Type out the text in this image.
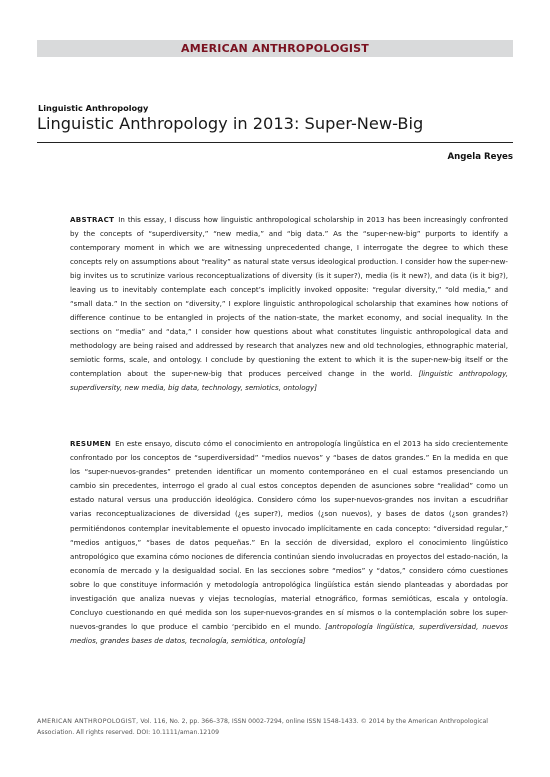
AMERICAN ANTHROPOLOGIST
Linguistic Anthropology
Linguistic Anthropology in 2013: Super-New-Big
Angela Reyes

ABSTRACT In this essay, I discuss how linguistic anthropological scholarship in 2013 has been increasingly confronted by the concepts of “superdiversity,” “new media,” and “big data.” As the “super-new-big” purports to identify a contemporary moment in which we are witnessing unprecedented change, I interrogate the degree to which these concepts rely on assumptions about “reality” as natural state versus ideological production. I consider how the super-new-big invites us to scrutinize various reconceptualizations of diversity (is it super?), media (is it new?), and data (is it big?), leaving us to inevitably contemplate each concept’s implicitly invoked opposite: “regular diversity,” “old media,” and “small data.” In the section on “diversity,” I explore linguistic anthropological scholarship that examines how notions of difference continue to be entangled in projects of the nation-state, the market economy, and social inequality. In the sections on “media” and “data,” I consider how questions about what constitutes linguistic anthropological data and methodology are being raised and addressed by research that analyzes new and old technologies, ethnographic material, semiotic forms, scale, and ontology. I conclude by questioning the extent to which it is the super-new-big itself or the contemplation about the super-new-big that produces perceived change in the world. [linguistic anthropology, superdiversity, new media, big data, technology, semiotics, ontology]

RESUMEN En este ensayo, discuto cómo el conocimiento en antropología lingüística en el 2013 ha sido crecientemente confrontado por los conceptos de “superdiversidad” “medios nuevos” y “bases de datos grandes.” En la medida en que los “super-nuevos-grandes” pretenden identificar un momento contemporáneo en el cual estamos presenciando un cambio sin precedentes, interrogo el grado al cual estos conceptos dependen de asunciones sobre “realidad” como un estado natural versus una producción ideológica. Considero cómo los super-nuevos-grandes nos invitan a escudriñar varias reconceptualizaciones de diversidad (¿es super?), medios (¿son nuevos), y bases de datos (¿son grandes?) permitiéndonos contemplar inevitablemente el opuesto invocado implícitamente en cada concepto: “diversidad regular,” “medios antiguos,” “bases de datos pequeñas.” En la sección de diversidad, exploro el conocimiento lingüístico antropológico que examina cómo nociones de diferencia continúan siendo involucradas en proyectos del estado-nación, la economía de mercado y la desigualdad social. En las secciones sobre “medios” y “datos,” considero cómo cuestiones sobre lo que constituye información y metodología antropológica lingüística están siendo planteadas y abordadas por investigación que analiza nuevas y viejas tecnologías, material etnográfico, formas semióticas, escala y ontología. Concluyo cuestionando en qué medida son los super-nuevos-grandes en sí mismos o la contemplación sobre los super-nuevos-grandes lo que produce el cambio ‘percibido en el mundo. [antropología lingüística, superdiversidad, nuevos medios, grandes bases de datos, tecnología, semiótica, ontología]

AMERICAN ANTHROPOLOGIST, Vol. 116, No. 2, pp. 366–378, ISSN 0002-7294, online ISSN 1548-1433. © 2014 by the American Anthropological Association. All rights reserved. DOI: 10.1111/aman.12109
